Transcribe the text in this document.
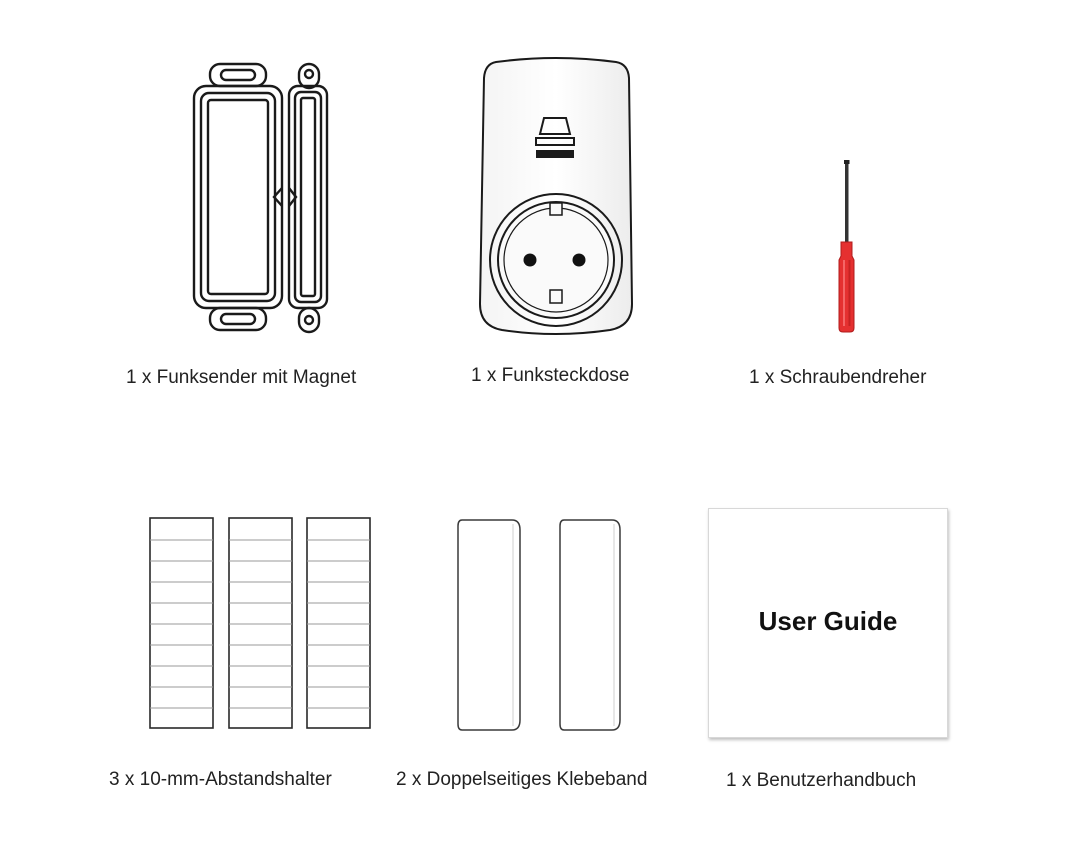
1 x Funksender mit Magnet	1 x Funksteckdose	1 x Schraubendreher
3 x 10-mm-Abstandshalter	2 x Doppelseitiges Klebeband
User Guide
1 x Benutzerhandbuch
